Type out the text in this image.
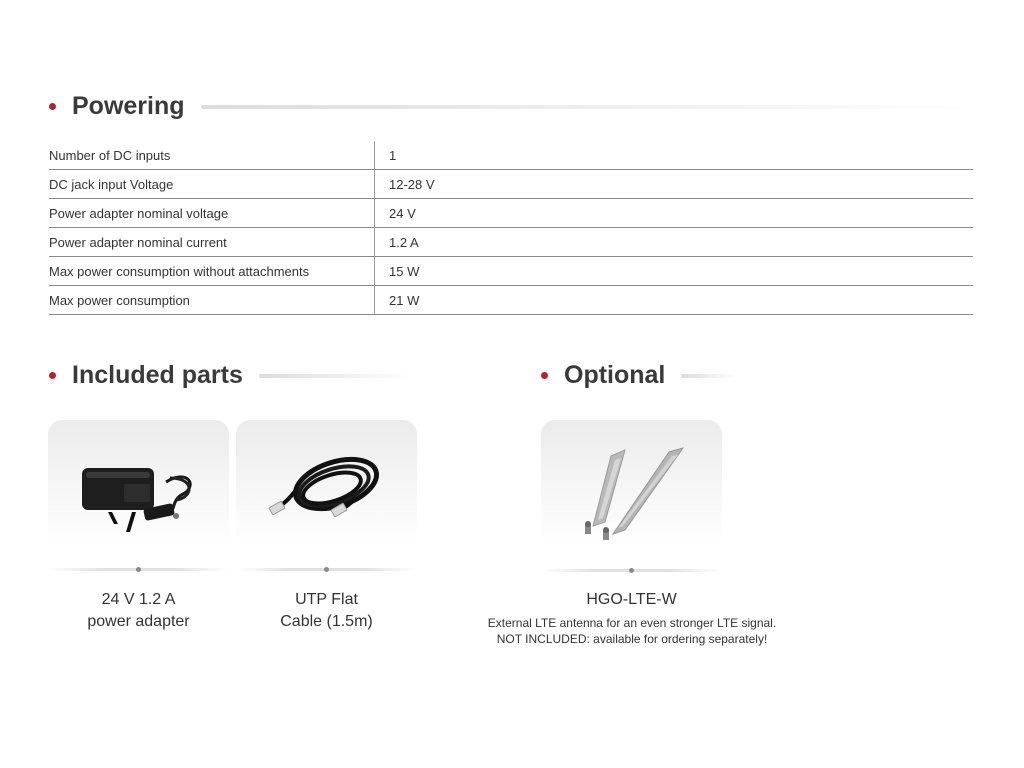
Powering
Number of DC inputs	1
DC jack input Voltage	12-28 V
Power adapter nominal voltage	24 V
Power adapter nominal current	1.2 A
Max power consumption without attachments	15 W
Max power consumption	21 W
Included parts	Optional
24 V 1.2 A
power adapter
UTP Flat
Cable (1.5m)
HGO-LTE-W
External LTE antenna for an even stronger LTE signal.
NOT INCLUDED: available for ordering separately!
